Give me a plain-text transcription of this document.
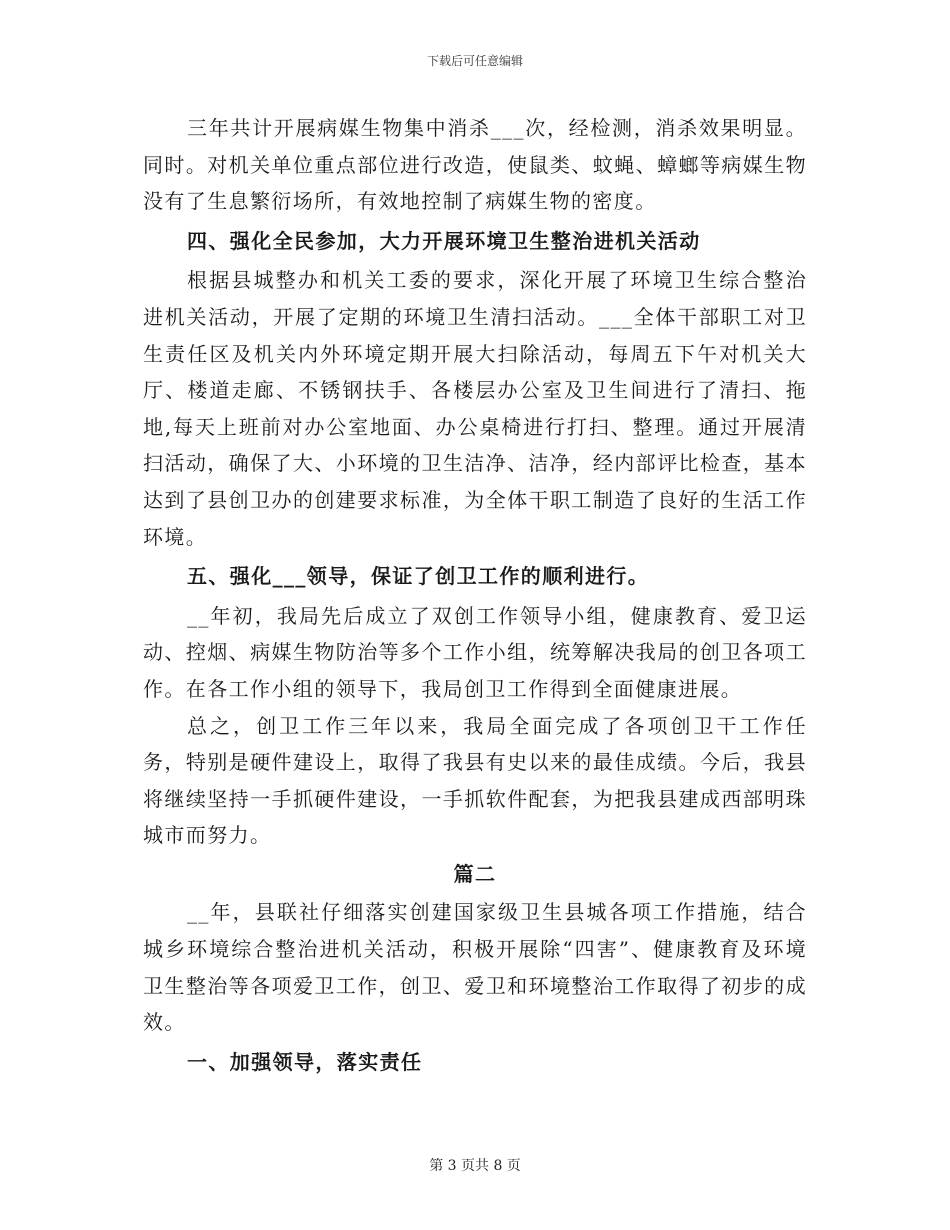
下载后可任意编辑

三年共计开展病媒生物集中消杀___次，经检测，消杀效果明显。同时。对机关单位重点部位进行改造，使鼠类、蚊蝇、蟑螂等病媒生物没有了生息繁衍场所，有效地控制了病媒生物的密度。

四、强化全民参加，大力开展环境卫生整治进机关活动

根据县城整办和机关工委的要求，深化开展了环境卫生综合整治进机关活动，开展了定期的环境卫生清扫活动。___全体干部职工对卫生责任区及机关内外环境定期开展大扫除活动，每周五下午对机关大厅、楼道走廊、不锈钢扶手、各楼层办公室及卫生间进行了清扫、拖地,每天上班前对办公室地面、办公桌椅进行打扫、整理。通过开展清扫活动，确保了大、小环境的卫生洁净、洁净，经内部评比检查，基本达到了县创卫办的创建要求标准，为全体干职工制造了良好的生活工作环境。

五、强化___领导，保证了创卫工作的顺利进行。

__年初，我局先后成立了双创工作领导小组，健康教育、爱卫运动、控烟、病媒生物防治等多个工作小组，统筹解决我局的创卫各项工作。在各工作小组的领导下，我局创卫工作得到全面健康进展。

总之，创卫工作三年以来，我局全面完成了各项创卫干工作任务，特别是硬件建设上，取得了我县有史以来的最佳成绩。今后，我县将继续坚持一手抓硬件建设，一手抓软件配套，为把我县建成西部明珠城市而努力。

篇二

__年，县联社仔细落实创建国家级卫生县城各项工作措施，结合城乡环境综合整治进机关活动，积极开展除“四害”、健康教育及环境卫生整治等各项爱卫工作，创卫、爱卫和环境整治工作取得了初步的成效。

一、加强领导，落实责任

第 3 页共 8 页
